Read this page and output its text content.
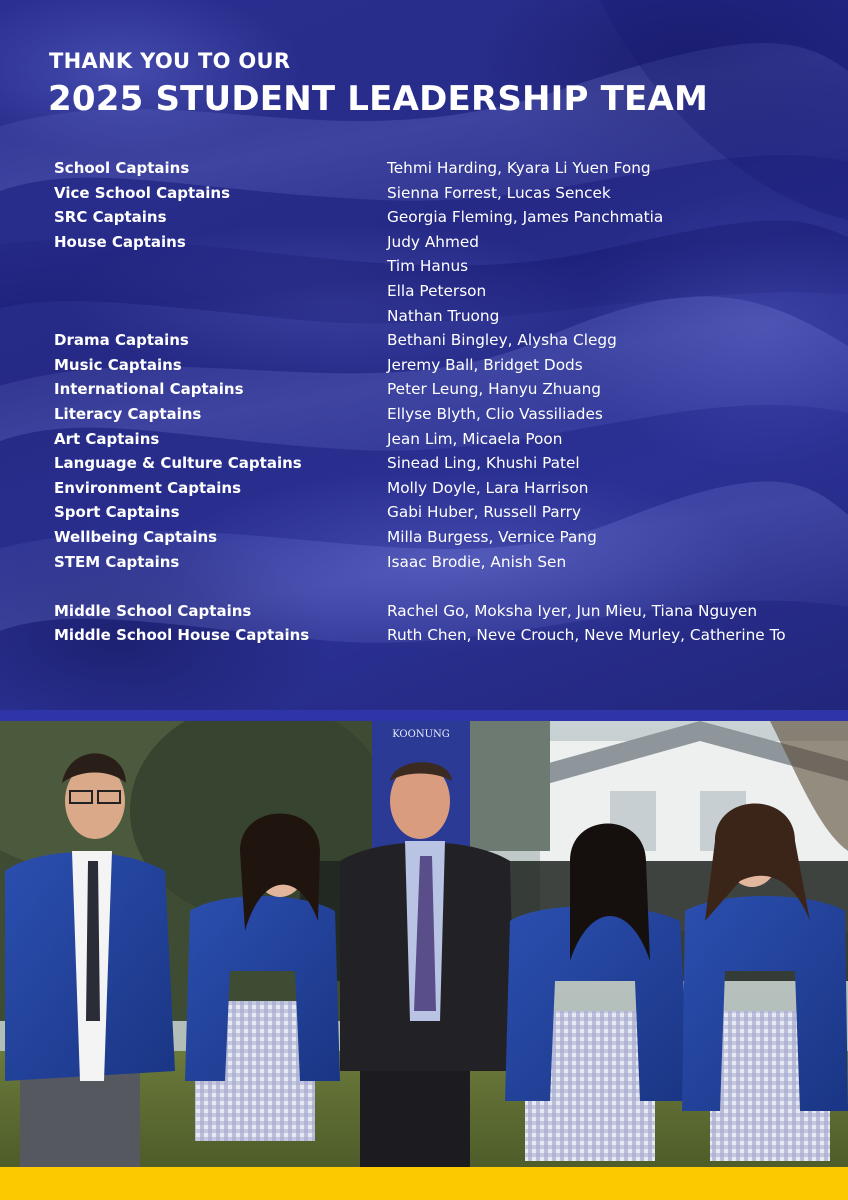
THANK YOU TO OUR

2025 STUDENT LEADERSHIP TEAM

School Captains	Tehmi Harding, Kyara Li Yuen Fong
Vice School Captains	Sienna Forrest, Lucas Sencek
SRC Captains	Georgia Fleming, James Panchmatia
House Captains	Judy Ahmed
Tim Hanus
Ella Peterson
Nathan Truong
Drama Captains	Bethani Bingley, Alysha Clegg
Music Captains	Jeremy Ball, Bridget Dods
International Captains	Peter Leung, Hanyu Zhuang
Literacy Captains	Ellyse Blyth, Clio Vassiliades
Art Captains	Jean Lim, Micaela Poon
Language & Culture Captains	Sinead Ling, Khushi Patel
Environment Captains	Molly Doyle, Lara Harrison
Sport Captains	Gabi Huber, Russell Parry
Wellbeing Captains	Milla Burgess, Vernice Pang
STEM Captains	Isaac Brodie, Anish Sen
Middle School Captains	Rachel Go, Moksha Iyer, Jun Mieu, Tiana Nguyen
Middle School House Captains	Ruth Chen, Neve Crouch, Neve Murley, Catherine To
KOONUNG
